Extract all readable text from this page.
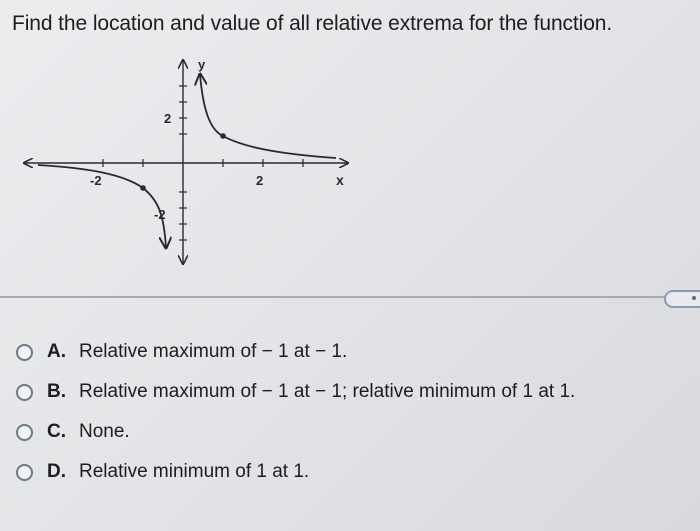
Find the location and value of all relative extrema for the function.
y
x
-2	2
2
-2
A. Relative maximum of − 1 at − 1.
B. Relative maximum of − 1 at − 1; relative minimum of 1 at 1.
C. None.
D. Relative minimum of 1 at 1.
